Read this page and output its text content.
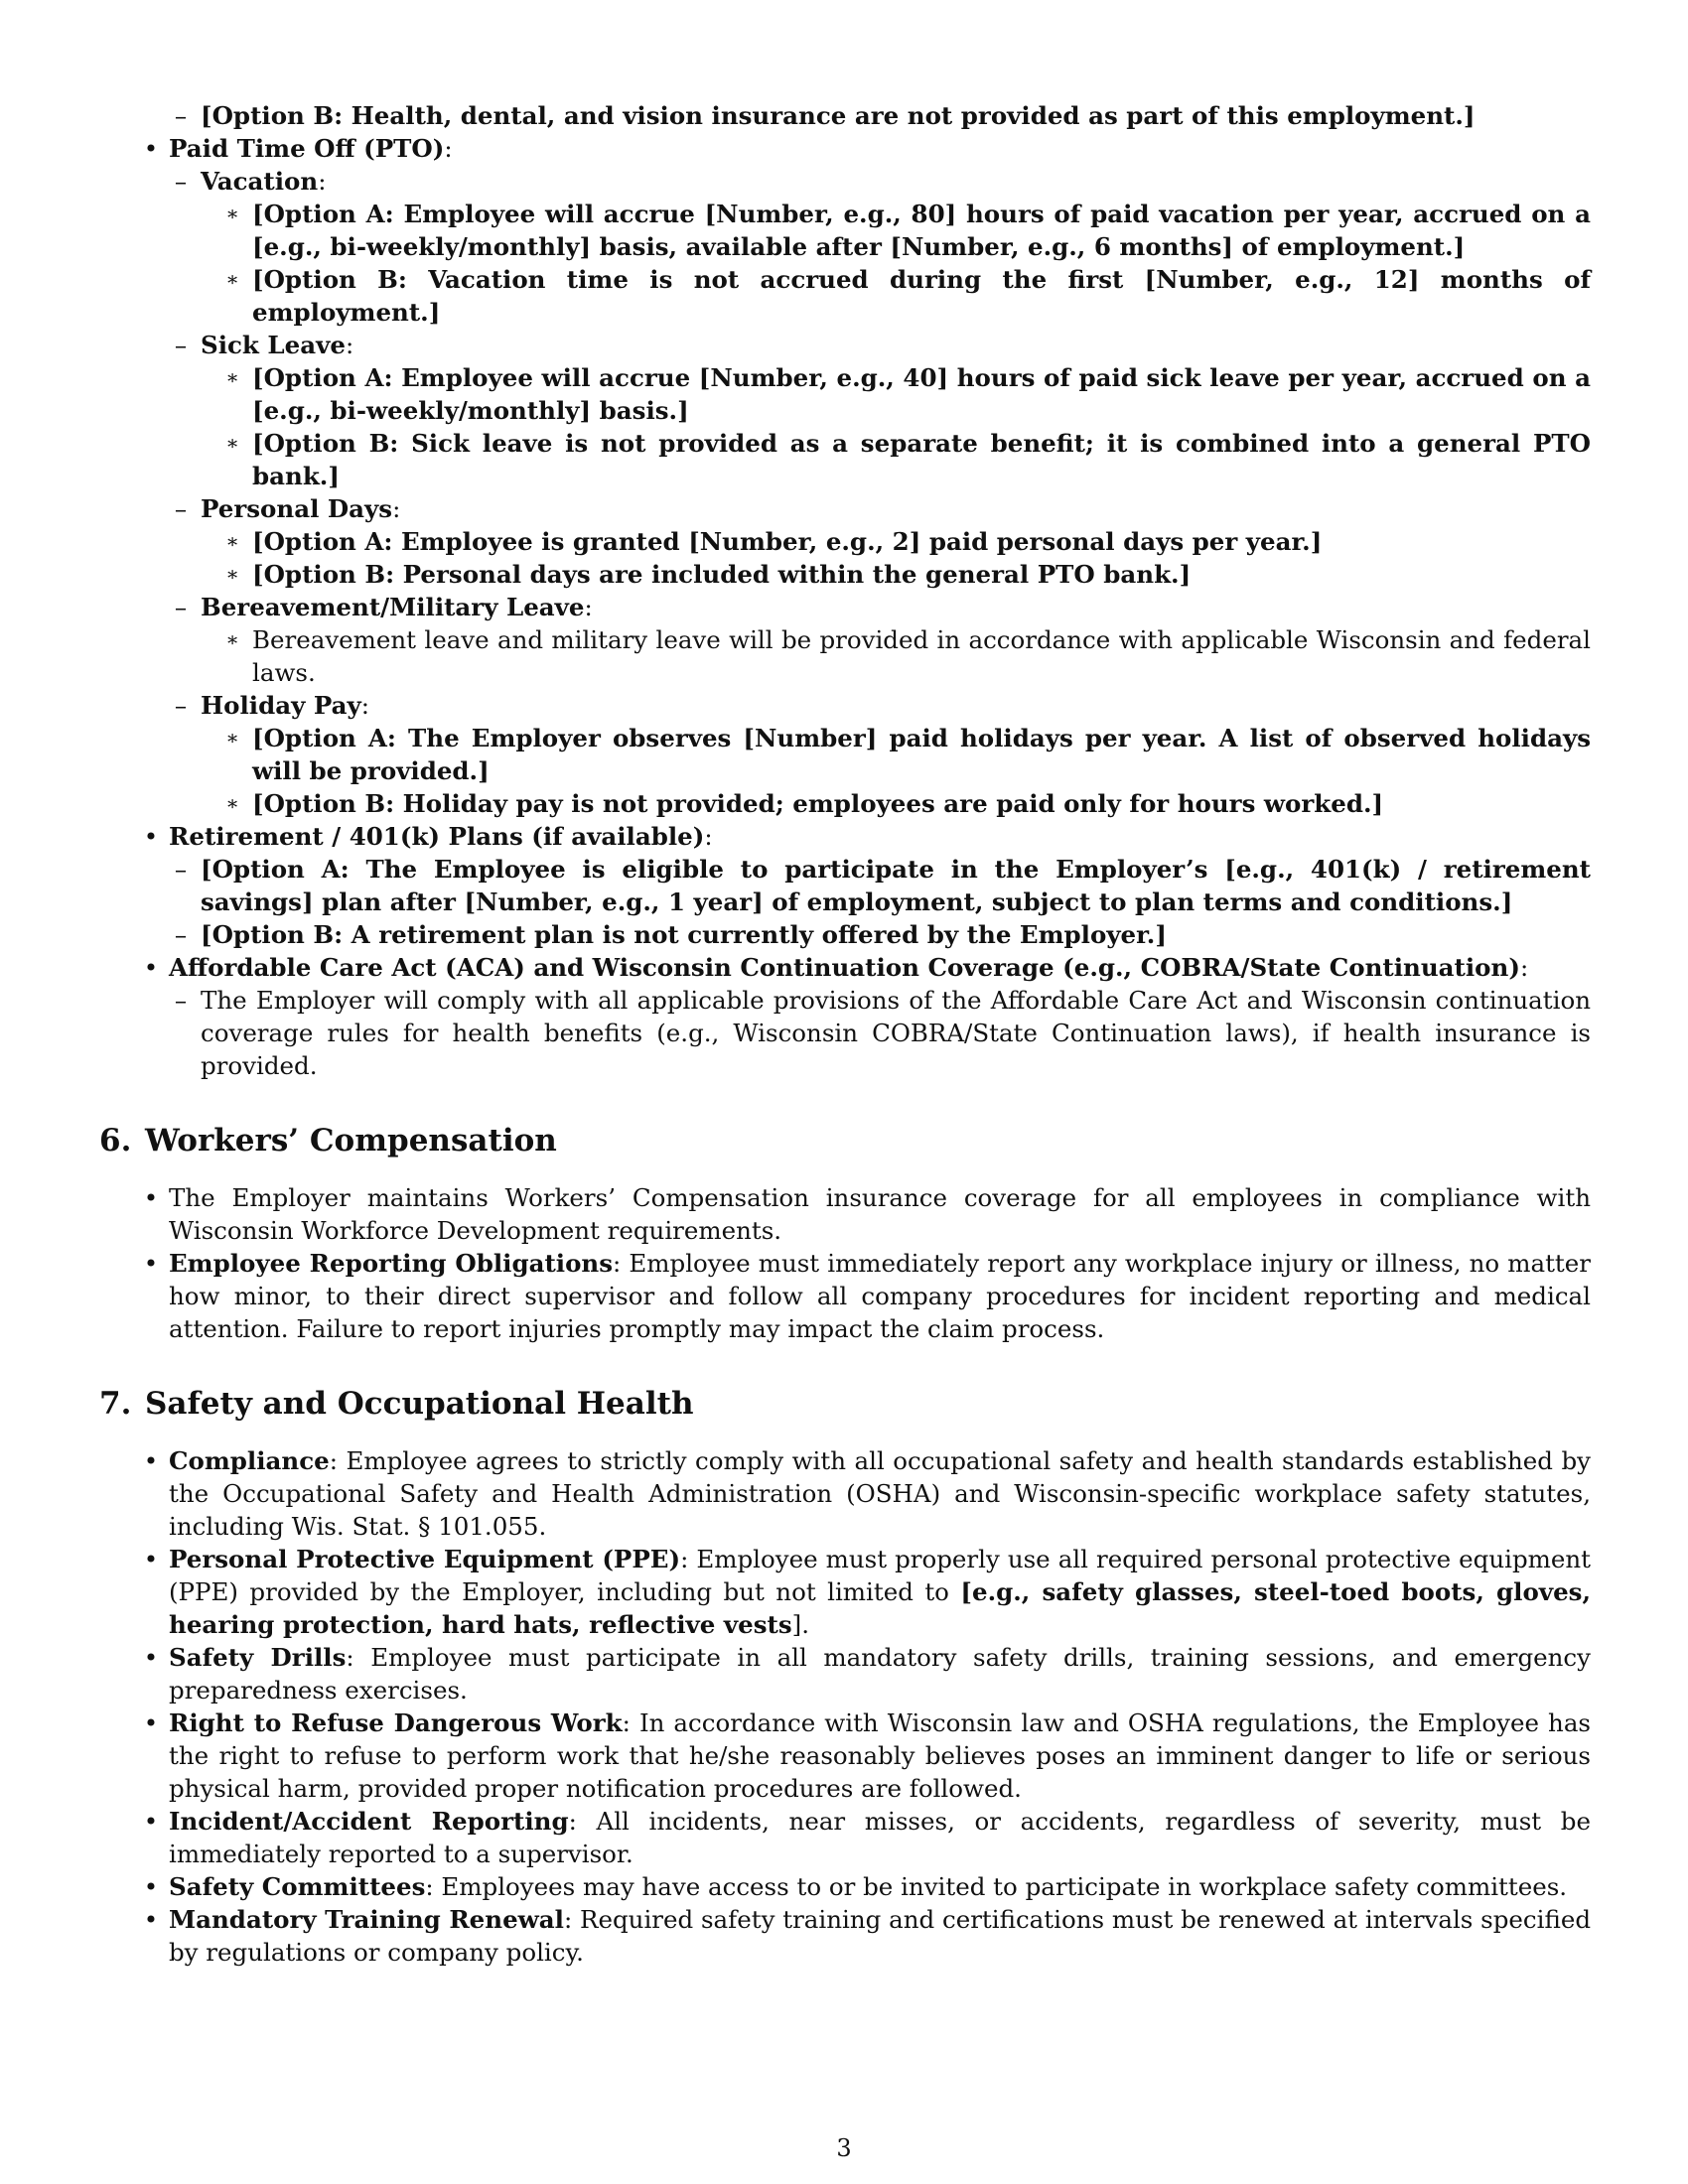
– [Option B: Health, dental, and vision insurance are not provided as part of this employment.]
• Paid Time Off (PTO):
– Vacation:
∗ [Option A: Employee will accrue [Number, e.g., 80] hours of paid vacation per year, accrued on a [e.g., bi-weekly/monthly] basis, available after [Number, e.g., 6 months] of employment.]
∗ [Option B: Vacation time is not accrued during the first [Number, e.g., 12] months of employment.]
– Sick Leave:
∗ [Option A: Employee will accrue [Number, e.g., 40] hours of paid sick leave per year, accrued on a [e.g., bi-weekly/monthly] basis.]
∗ [Option B: Sick leave is not provided as a separate benefit; it is combined into a general PTO bank.]
– Personal Days:
∗ [Option A: Employee is granted [Number, e.g., 2] paid personal days per year.]
∗ [Option B: Personal days are included within the general PTO bank.]
– Bereavement/Military Leave:
∗ Bereavement leave and military leave will be provided in accordance with applicable Wisconsin and federal laws.
– Holiday Pay:
∗ [Option A: The Employer observes [Number] paid holidays per year. A list of observed holidays will be provided.]
∗ [Option B: Holiday pay is not provided; employees are paid only for hours worked.]
• Retirement / 401(k) Plans (if available):
– [Option A: The Employee is eligible to participate in the Employer’s [e.g., 401(k) / retirement savings] plan after [Number, e.g., 1 year] of employment, subject to plan terms and conditions.]
– [Option B: A retirement plan is not currently offered by the Employer.]
• Affordable Care Act (ACA) and Wisconsin Continuation Coverage (e.g., COBRA/State Continuation):
– The Employer will comply with all applicable provisions of the Affordable Care Act and Wisconsin continuation coverage rules for health benefits (e.g., Wisconsin COBRA/State Continuation laws), if health insurance is provided.
6. Workers’ Compensation
• The Employer maintains Workers’ Compensation insurance coverage for all employees in compliance with Wisconsin Workforce Development requirements.
• Employee Reporting Obligations: Employee must immediately report any workplace injury or illness, no matter how minor, to their direct supervisor and follow all company procedures for incident reporting and medical attention. Failure to report injuries promptly may impact the claim process.
7. Safety and Occupational Health
• Compliance: Employee agrees to strictly comply with all occupational safety and health standards established by the Occupational Safety and Health Administration (OSHA) and Wisconsin-specific workplace safety statutes, including Wis. Stat. § 101.055.
• Personal Protective Equipment (PPE): Employee must properly use all required personal protective equipment (PPE) provided by the Employer, including but not limited to [e.g., safety glasses, steel-toed boots, gloves, hearing protection, hard hats, reflective vests].
• Safety Drills: Employee must participate in all mandatory safety drills, training sessions, and emergency preparedness exercises.
• Right to Refuse Dangerous Work: In accordance with Wisconsin law and OSHA regulations, the Employee has the right to refuse to perform work that he/she reasonably believes poses an imminent danger to life or serious physical harm, provided proper notification procedures are followed.
• Incident/Accident Reporting: All incidents, near misses, or accidents, regardless of severity, must be immediately reported to a supervisor.
• Safety Committees: Employees may have access to or be invited to participate in workplace safety committees.
• Mandatory Training Renewal: Required safety training and certifications must be renewed at intervals specified by regulations or company policy.
3
